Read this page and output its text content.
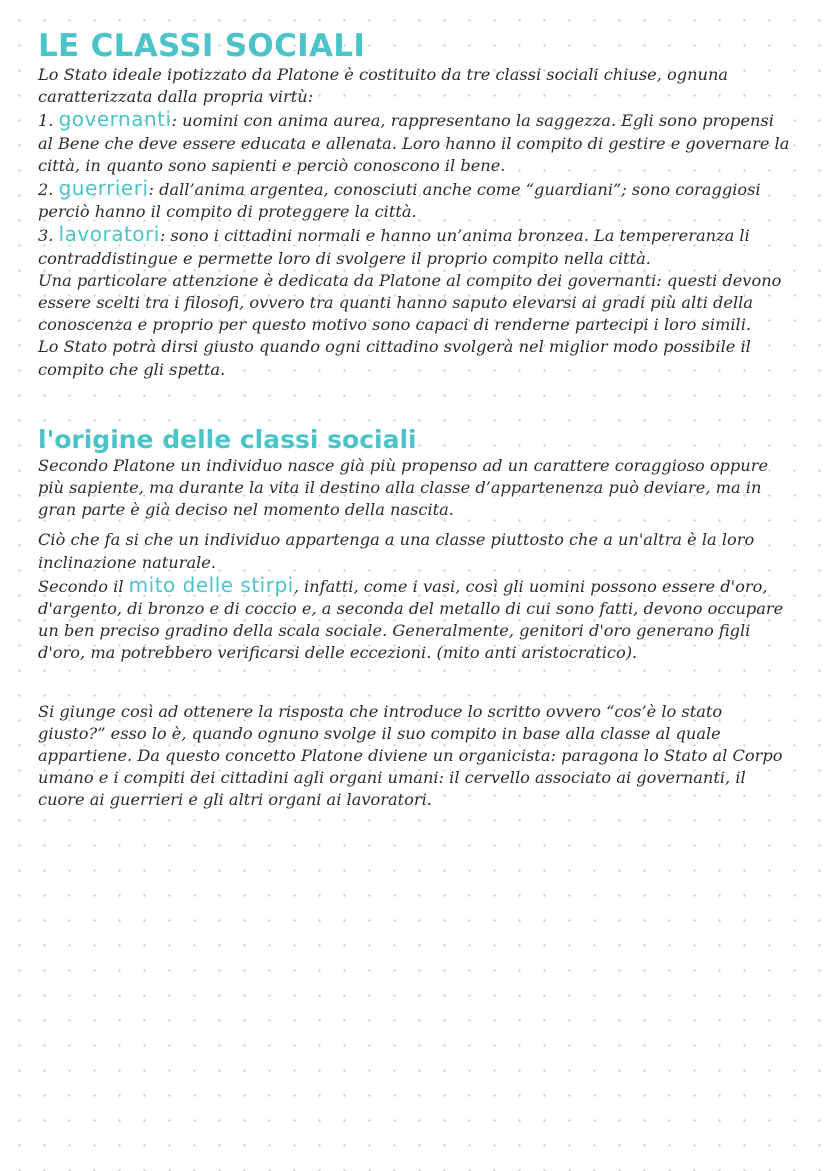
LE CLASSI SOCIALI

Lo Stato ideale ipotizzato da Platone è costituito da tre classi sociali chiuse, ognuna caratterizzata dalla propria virtù:

1. governanti: uomini con anima aurea, rappresentano la saggezza. Egli sono propensi al Bene che deve essere educata e allenata. Loro hanno il compito di gestire e governare la città, in quanto sono sapienti e perciò conoscono il bene.

2. guerrieri: dall’anima argentea, conosciuti anche come “guardiani”; sono coraggiosi perciò hanno il compito di proteggere la città.

3. lavoratori: sono i cittadini normali e hanno un’anima bronzea. La tempereranza li contraddistingue e permette loro di svolgere il proprio compito nella città.

Una particolare attenzione è dedicata da Platone al compito dei governanti: questi devono essere scelti tra i filosofi, ovvero tra quanti hanno saputo elevarsi ai gradi più alti della conoscenza e proprio per questo motivo sono capaci di renderne partecipi i loro simili.

Lo Stato potrà dirsi giusto quando ogni cittadino svolgerà nel miglior modo possibile il compito che gli spetta.

l'origine delle classi sociali

Secondo Platone un individuo nasce già più propenso ad un carattere coraggioso oppure più sapiente, ma durante la vita il destino alla classe d’appartenenza può deviare, ma in gran parte è già deciso nel momento della nascita.

Ciò che fa si che un individuo appartenga a una classe piuttosto che a un'altra è la loro inclinazione naturale.

Secondo il mito delle stirpi, infatti, come i vasi, così gli uomini possono essere d'oro, d'argento, di bronzo e di coccio e, a seconda del metallo di cui sono fatti, devono occupare un ben preciso gradino della scala sociale. Generalmente, genitori d'oro generano figli d'oro, ma potrebbero verificarsi delle eccezioni. (mito anti aristocratico).

Si giunge così ad ottenere la risposta che introduce lo scritto ovvero “cos’è lo stato giusto?” esso lo è, quando ognuno svolge il suo compito in base alla classe al quale appartiene. Da questo concetto Platone diviene un organicista: paragona lo Stato al Corpo umano e i compiti dei cittadini agli organi umani: il cervello associato ai governanti, il cuore ai guerrieri e gli altri organi ai lavoratori.
